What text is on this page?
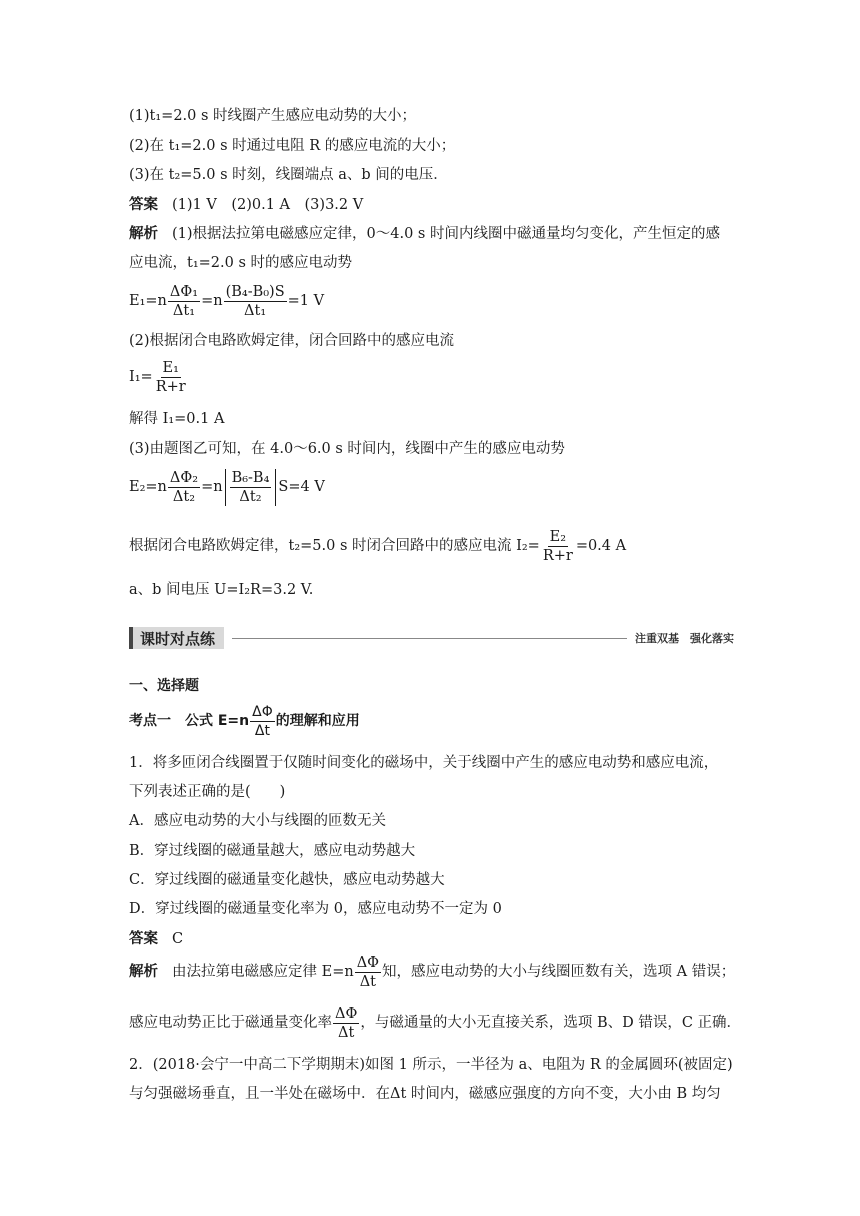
(1)t₁=2.0 s 时线圈产生感应电动势的大小；
(2)在 t₁=2.0 s 时通过电阻 R 的感应电流的大小；
(3)在 t₂=5.0 s 时刻，线圈端点 a、b 间的电压．
答案 (1)1 V　(2)0.1 A　(3)3.2 V
解析 (1)根据法拉第电磁感应定律，0～4.0 s 时间内线圈中磁通量均匀变化，产生恒定的感
应电流，t₁=2.0 s 时的感应电动势
$E_1=n \frac{\text{ΔΦ₁}}{\text{Δt₁}} =n \frac{\text{(B₄-B₀)S}}{\text{Δt₁}} =1$ V
(2)根据闭合电路欧姆定律，闭合回路中的感应电流
$I_1= \frac{\text{E₁}}{R+r}$
解得 I₁=0.1 A
(3)由题图乙可知，在 4.0～6.0 s 时间内，线圈中产生的感应电动势
$E_2=n \frac{\text{ΔΦ₂}}{\text{Δt₂}} =n \frac{\text{B₆-B₄}}{\text{Δt₂}} S=4$ V
根据闭合电路欧姆定律，t₂=5.0 s 时闭合回路中的感应电流 $I_2= \frac{\text{E₂}}{R+r} =0.4$ A
a、b 间电压 U=I₂R=3.2 V.
课时对点练	注重双基　强化落实
一、选择题
考点一　公式 $E=n \frac{\Delta\Phi}{\Delta t}$ 的理解和应用
1．将多匝闭合线圈置于仅随时间变化的磁场中，关于线圈中产生的感应电动势和感应电流，
下列表述正确的是(　　)
A．感应电动势的大小与线圈的匝数无关
B．穿过线圈的磁通量越大，感应电动势越大
C．穿过线圈的磁通量变化越快，感应电动势越大
D．穿过线圈的磁通量变化率为 0，感应电动势不一定为 0
答案 C
解析 由法拉第电磁感应定律 $E=n \frac{\Delta\Phi}{\Delta t}$ 知，感应电动势的大小与线圈匝数有关，选项 A 错误；
感应电动势正比于磁通量变化率 $\frac{\Delta\Phi}{\Delta t}$ ，与磁通量的大小无直接关系，选项 B、D 错误，C 正确．
2．(2018·会宁一中高二下学期期末)如图 1 所示，一半径为 a、电阻为 R 的金属圆环(被固定)
与匀强磁场垂直，且一半处在磁场中．在Δt 时间内，磁感应强度的方向不变，大小由 B 均匀
